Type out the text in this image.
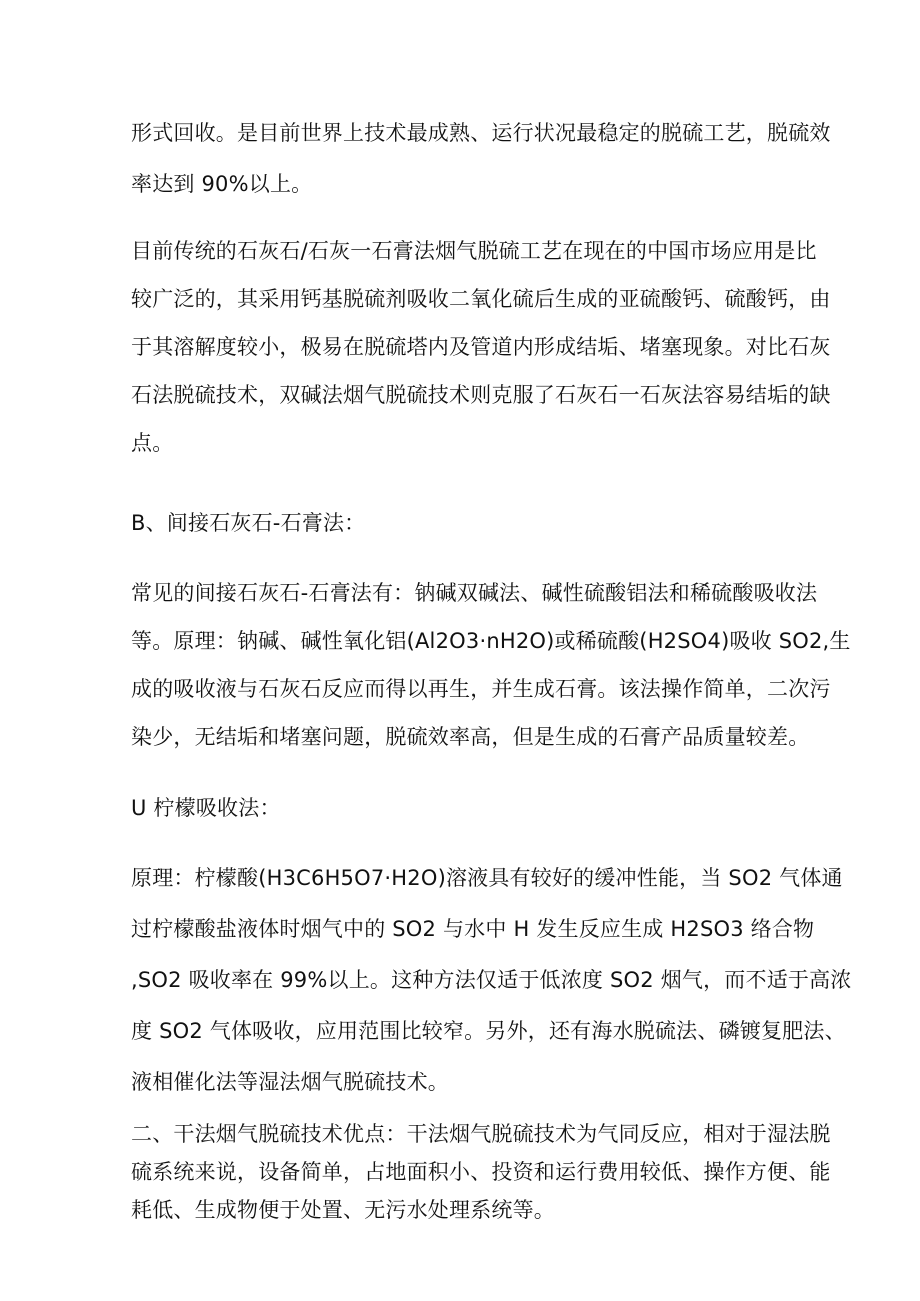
形式回收。是目前世界上技术最成熟、运行状况最稳定的脱硫工艺，脱硫效
率达到 90%以上。

目前传统的石灰石/石灰一石膏法烟气脱硫工艺在现在的中国市场应用是比
较广泛的，其采用钙基脱硫剂吸收二氧化硫后生成的亚硫酸钙、硫酸钙，由
于其溶解度较小，极易在脱硫塔内及管道内形成结垢、堵塞现象。对比石灰
石法脱硫技术，双碱法烟气脱硫技术则克服了石灰石一石灰法容易结垢的缺
点。

B、间接石灰石-石膏法：

常见的间接石灰石-石膏法有：钠碱双碱法、碱性硫酸铝法和稀硫酸吸收法
等。原理：钠碱、碱性氧化铝(Al2O3·nH2O)或稀硫酸(H2SO4)吸收 SO2,生
成的吸收液与石灰石反应而得以再生，并生成石膏。该法操作简单，二次污
染少，无结垢和堵塞问题，脱硫效率高，但是生成的石膏产品质量较差。

U 柠檬吸收法：

原理：柠檬酸(H3C6H5O7·H2O)溶液具有较好的缓冲性能，当 SO2 气体通
过柠檬酸盐液体时烟气中的 SO2 与水中 H 发生反应生成 H2SO3 络合物
,SO2 吸收率在 99%以上。这种方法仅适于低浓度 SO2 烟气，而不适于高浓
度 SO2 气体吸收，应用范围比较窄。另外，还有海水脱硫法、磷镀复肥法、
液相催化法等湿法烟气脱硫技术。

二、干法烟气脱硫技术优点：干法烟气脱硫技术为气同反应，相对于湿法脱
硫系统来说，设备简单，占地面积小、投资和运行费用较低、操作方便、能
耗低、生成物便于处置、无污水处理系统等。
